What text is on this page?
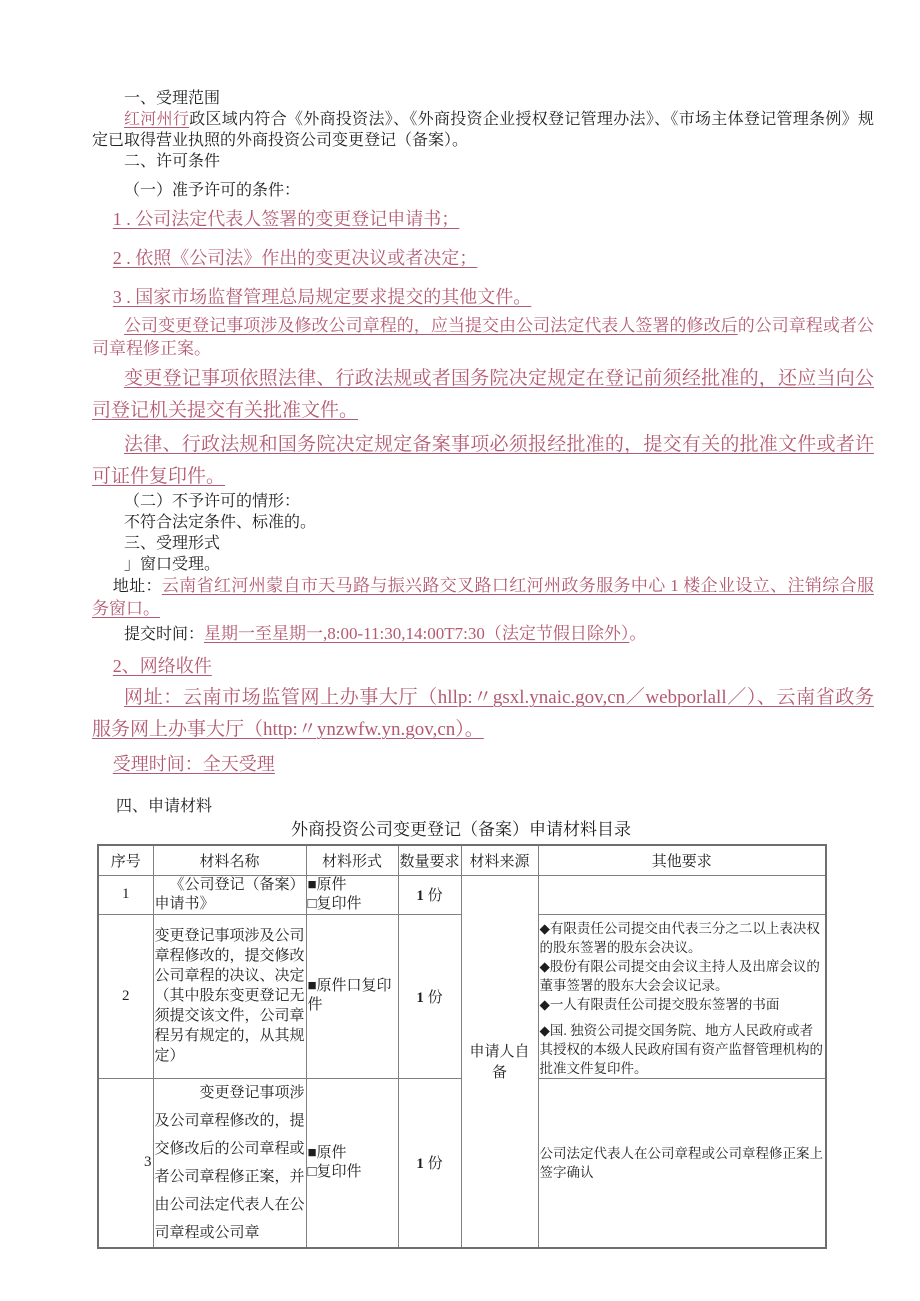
一、受理范围

红河州行政区域内符合《外商投资法》、《外商投资企业授权登记管理办法》、《市场主体登记管理条例》规定已取得营业执照的外商投资公司变更登记（备案）。

二、许可条件

（一）准予许可的条件：

1 . 公司法定代表人签署的变更登记申请书；

2 . 依照《公司法》作出的变更决议或者决定；

3 . 国家市场监督管理总局规定要求提交的其他文件。

公司变更登记事项涉及修改公司章程的，应当提交由公司法定代表人签署的修改后的公司章程或者公司章程修正案。

变更登记事项依照法律、行政法规或者国务院决定规定在登记前须经批准的，还应当向公司登记机关提交有关批准文件。

法律、行政法规和国务院决定规定备案事项必须报经批准的，提交有关的批准文件或者许可证件复印件。

（二）不予许可的情形：

不符合法定条件、标准的。

三、受理形式

」窗口受理。

地址：云南省红河州蒙自市天马路与振兴路交叉路口红河州政务服务中心 1 楼企业设立、注销综合服务窗口。

提交时间：星期一至星期一,8:00-11:30,14:00T7:30（法定节假日除外）。

2、网络收件

网址：云南市场监管网上办事大厅（hllp:〃gsxl.ynaic.gov,cn／webporlall／）、云南省政务服务网上办事大厅（http:〃ynzwfw.yn.gov,cn）。

受理时间：全天受理

四、申请材料

外商投资公司变更登记（备案）申请材料目录
序号	材料名称	材料形式	数量要求	材料来源	其他要求
1	《公司登记（备案）申请书》	■原件
□复印件	1 份	申请人自备	
2	变更登记事项涉及公司章程修改的，提交修改公司章程的决议、决定（其中股东变更登记无须提交该文件，公司章程另有规定的，从其规定）	■原件口复印件	1 份		◆有限责任公司提交由代表三分之二以上表决权的股东签署的股东会决议。
◆股份有限公司提交由会议主持人及出席会议的董事签署的股东大会会议记录。
◆一人有限责任公司提交股东签署的书面
◆国. 独资公司提交国务院、地方人民政府或者其授权的本级人民政府国有资产监督管理机构的批准文件复印件。

3	变更登记事项涉及公司章程修改的，提交修改后的公司章程或者公司章程修正案，并由公司法定代表人在公司章程或公司章	■原件
□复印件	1 份		公司法定代表人在公司章程或公司章程修正案上签字确认
